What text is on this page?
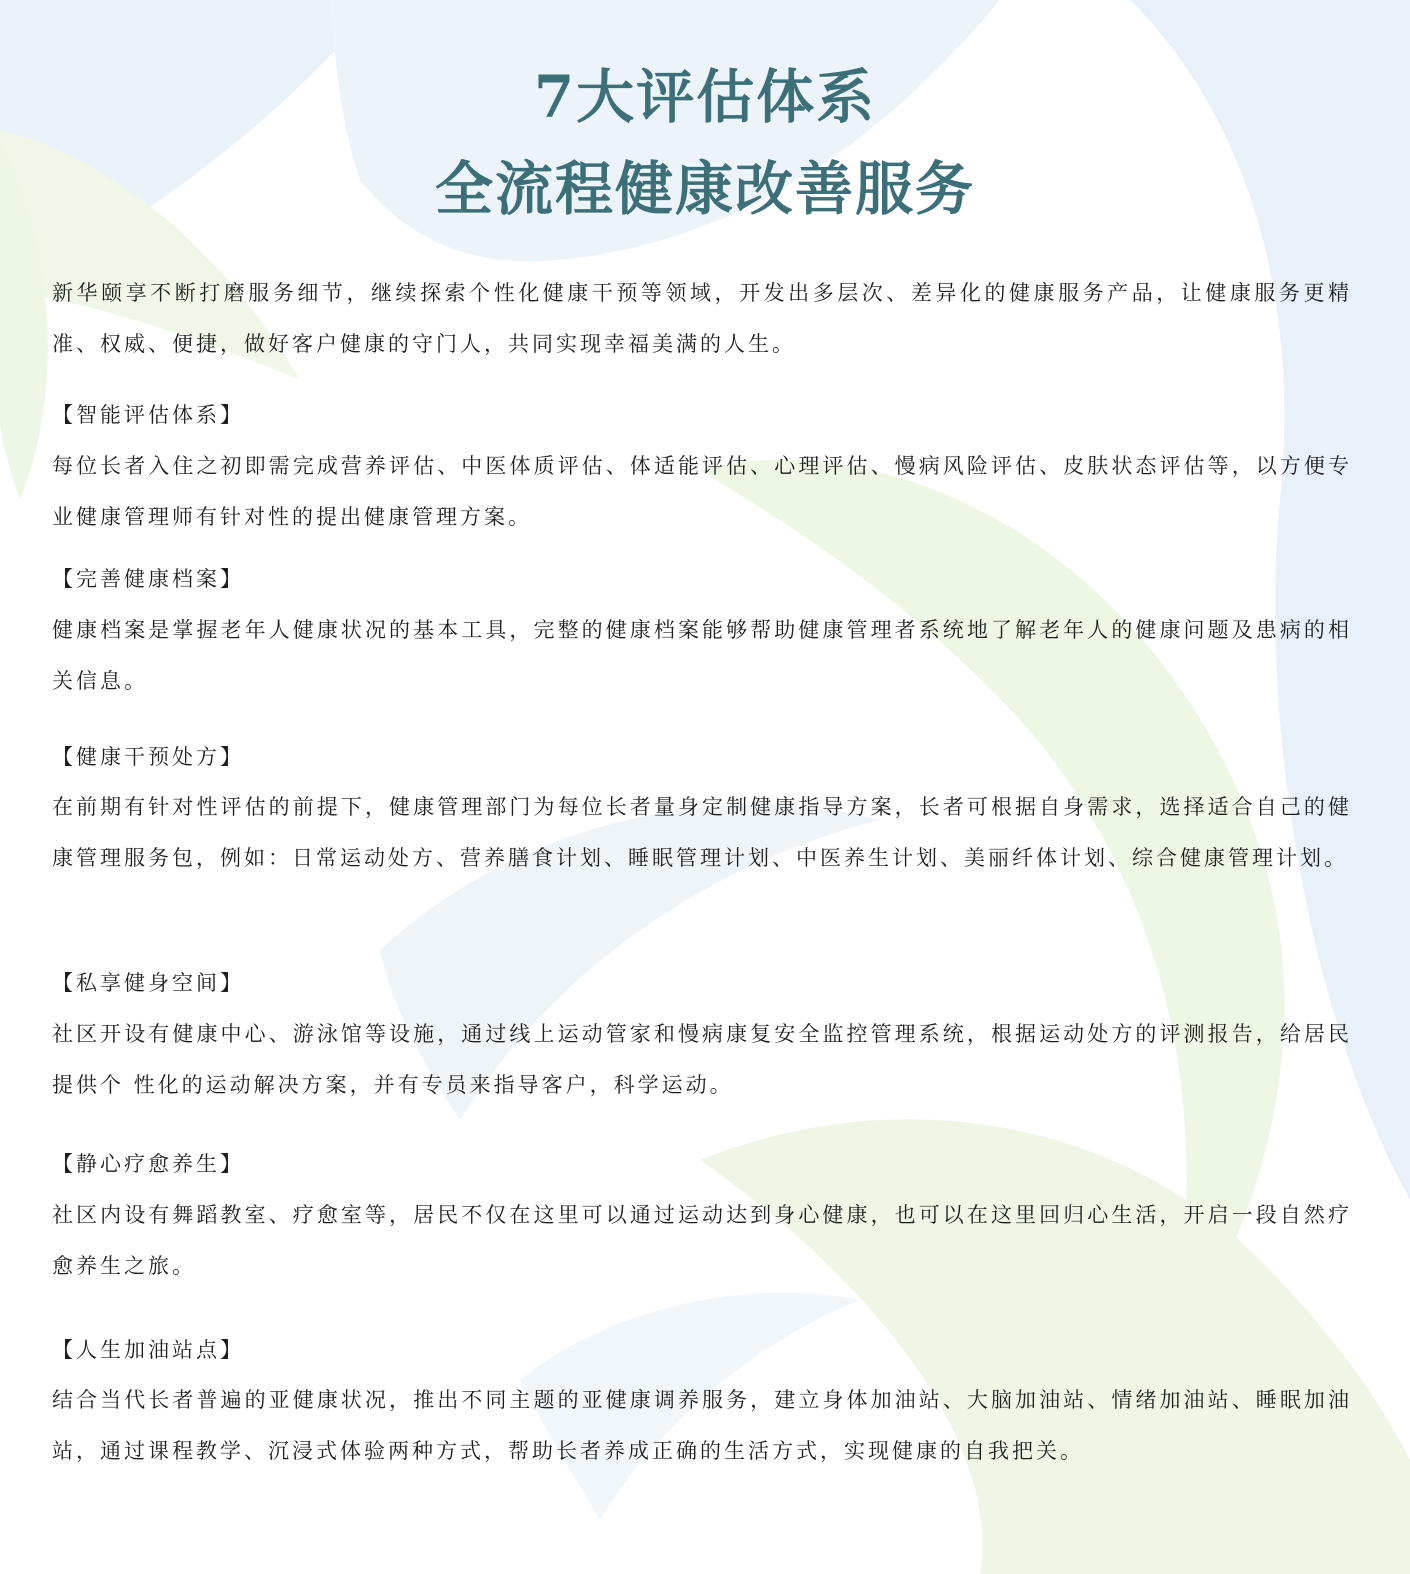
7大评估体系
全流程健康改善服务

新华颐享不断打磨服务细节，继续探索个性化健康干预等领域，开发出多层次、差异化的健康服务产品，让健康服务更精准、权威、便捷，做好客户健康的守门人，共同实现幸福美满的人生。

【智能评估体系】

每位长者入住之初即需完成营养评估、中医体质评估、体适能评估、心理评估、慢病风险评估、皮肤状态评估等，以方便专业健康管理师有针对性的提出健康管理方案。

【完善健康档案】

健康档案是掌握老年人健康状况的基本工具，完整的健康档案能够帮助健康管理者系统地了解老年人的健康问题及患病的相关信息。

【健康干预处方】

在前期有针对性评估的前提下，健康管理部门为每位长者量身定制健康指导方案，长者可根据自身需求，选择适合自己的健康管理服务包，例如：日常运动处方、营养膳食计划、睡眠管理计划、中医养生计划、美丽纤体计划、综合健康管理计划。

【私享健身空间】

社区开设有健康中心、游泳馆等设施，通过线上运动管家和慢病康复安全监控管理系统，根据运动处方的评测报告，给居民提供个 性化的运动解决方案，并有专员来指导客户，科学运动。

【静心疗愈养生】

社区内设有舞蹈教室、疗愈室等，居民不仅在这里可以通过运动达到身心健康，也可以在这里回归心生活，开启一段自然疗愈养生之旅。

【人生加油站点】

结合当代长者普遍的亚健康状况，推出不同主题的亚健康调养服务，建立身体加油站、大脑加油站、情绪加油站、睡眠加油站，通过课程教学、沉浸式体验两种方式，帮助长者养成正确的生活方式，实现健康的自我把关。
